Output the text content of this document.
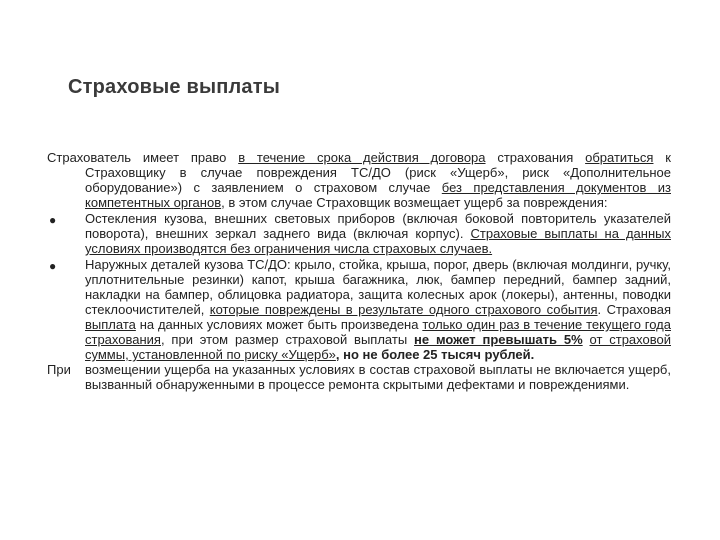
Страховые выплаты
Страхователь имеет право в течение срока действия договора страхования обратиться к Страховщику в случае повреждения ТС/ДО (риск «Ущерб», риск «Дополнительное оборудование») с заявлением о страховом случае без представления документов из компетентных органов, в этом случае Страховщик возмещает ущерб за повреждения:
● Остекления кузова, внешних световых приборов (включая боковой повторитель указателей поворота), внешних зеркал заднего вида (включая корпус). Страховые выплаты на данных условиях производятся без ограничения числа страховых случаев.
● Наружных деталей кузова ТС/ДО: крыло, стойка, крыша, порог, дверь (включая молдинги, ручку, уплотнительные резинки) капот, крыша багажника, люк, бампер передний, бампер задний, накладки на бампер, облицовка радиатора, защита колесных арок (локеры), антенны, поводки стеклоочистителей, которые повреждены в результате одного страхового события. Страховая выплата на данных условиях может быть произведена только один раз в течение текущего года страхования, при этом размер страховой выплаты не может превышать 5% от страховой суммы, установленной по риску «Ущерб», но не более 25 тысяч рублей.
При возмещении ущерба на указанных условиях в состав страховой выплаты не включается ущерб, вызванный обнаруженными в процессе ремонта скрытыми дефектами и повреждениями.
